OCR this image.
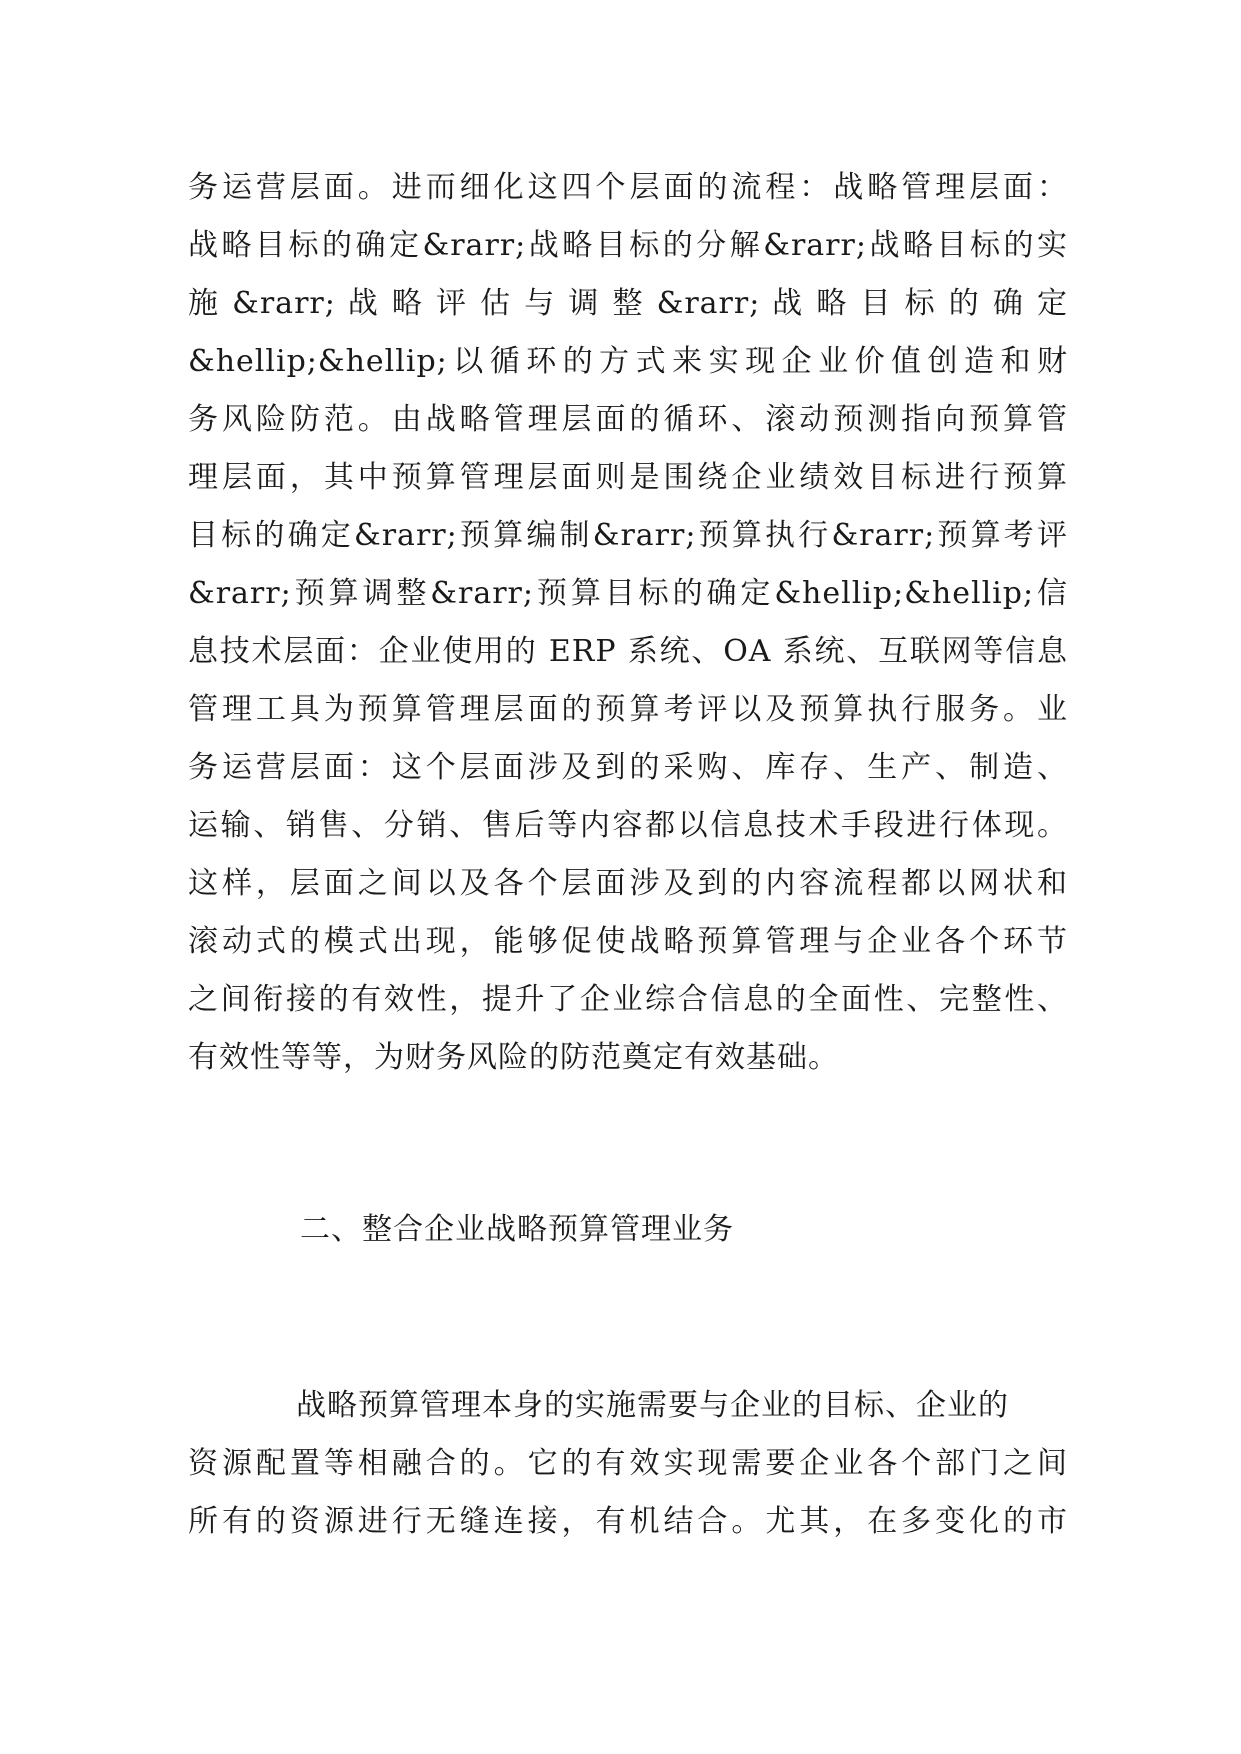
务运营层面。进而细化这四个层面的流程：战略管理层面：
战略目标的确定&rarr;战略目标的分解&rarr;战略目标的实
施 &rarr; 战 略 评 估 与 调 整 &rarr; 战 略 目 标 的 确 定
&hellip;&hellip;以循环的方式来实现企业价值创造和财
务风险防范。由战略管理层面的循环、滚动预测指向预算管
理层面，其中预算管理层面则是围绕企业绩效目标进行预算
目标的确定&rarr;预算编制&rarr;预算执行&rarr;预算考评
&rarr;预算调整&rarr;预算目标的确定&hellip;&hellip;信
息技术层面：企业使用的 ERP 系统、OA 系统、互联网等信息
管理工具为预算管理层面的预算考评以及预算执行服务。业
务运营层面：这个层面涉及到的采购、库存、生产、制造、
运输、销售、分销、售后等内容都以信息技术手段进行体现。
这样，层面之间以及各个层面涉及到的内容流程都以网状和
滚动式的模式出现，能够促使战略预算管理与企业各个环节
之间衔接的有效性，提升了企业综合信息的全面性、完整性、
有效性等等，为财务风险的防范奠定有效基础。
二、整合企业战略预算管理业务
战略预算管理本身的实施需要与企业的目标、企业的
资源配置等相融合的。它的有效实现需要企业各个部门之间
所有的资源进行无缝连接，有机结合。尤其，在多变化的市
